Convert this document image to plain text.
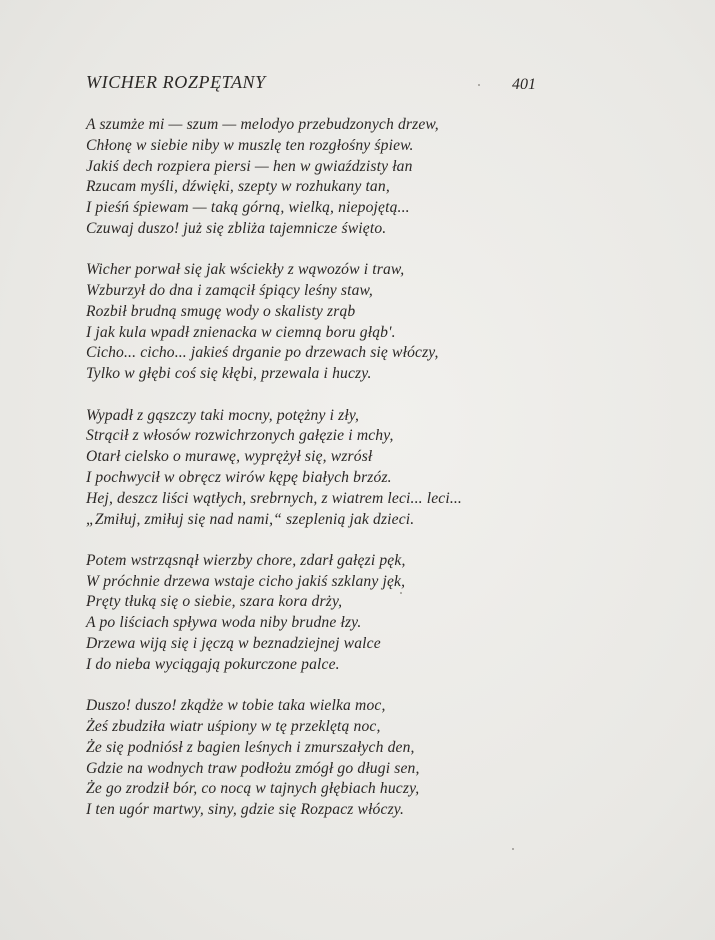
WICHER ROZPĘTANY	401
A szumże mi — szum — melodyo przebudzonych drzew,
Chłonę w siebie niby w muszlę ten rozgłośny śpiew.
Jakiś dech rozpiera piersi — hen w gwiaździsty łan
Rzucam myśli, dźwięki, szepty w rozhukany tan,
I pieśń śpiewam — taką górną, wielką, niepojętą...
Czuwaj duszo! już się zbliża tajemnicze święto.
Wicher porwał się jak wściekły z wąwozów i traw,
Wzburzył do dna i zamącił śpiący leśny staw,
Rozbił brudną smugę wody o skalisty zrąb
I jak kula wpadł znienacka w ciemną boru głąb'.
Cicho... cicho... jakieś drganie po drzewach się włóczy,
Tylko w głębi coś się kłębi, przewala i huczy.
Wypadł z gąszczy taki mocny, potężny i zły,
Strącił z włosów rozwichrzonych gałęzie i mchy,
Otarł cielsko o murawę, wyprężył się, wzrósł
I pochwycił w obręcz wirów kępę białych brzóz.
Hej, deszcz liści wątłych, srebrnych, z wiatrem leci... leci...
„Zmiłuj, zmiłuj się nad nami,“ szeplenią jak dzieci.
Potem wstrząsnął wierzby chore, zdarł gałęzi pęk,
W próchnie drzewa wstaje cicho jakiś szklany jęk,
Pręty tłuką się o siebie, szara kora drży,
A po liściach spływa woda niby brudne łzy.
Drzewa wiją się i jęczą w beznadziejnej walce
I do nieba wyciągają pokurczone palce.
Duszo! duszo! zkądże w tobie taka wielka moc,
Żeś zbudziła wiatr uśpiony w tę przeklętą noc,
Że się podniósł z bagien leśnych i zmurszałych den,
Gdzie na wodnych traw podłożu zmógł go długi sen,
Że go zrodził bór, co nocą w tajnych głębiach huczy,
I ten ugór martwy, siny, gdzie się Rozpacz włóczy.
